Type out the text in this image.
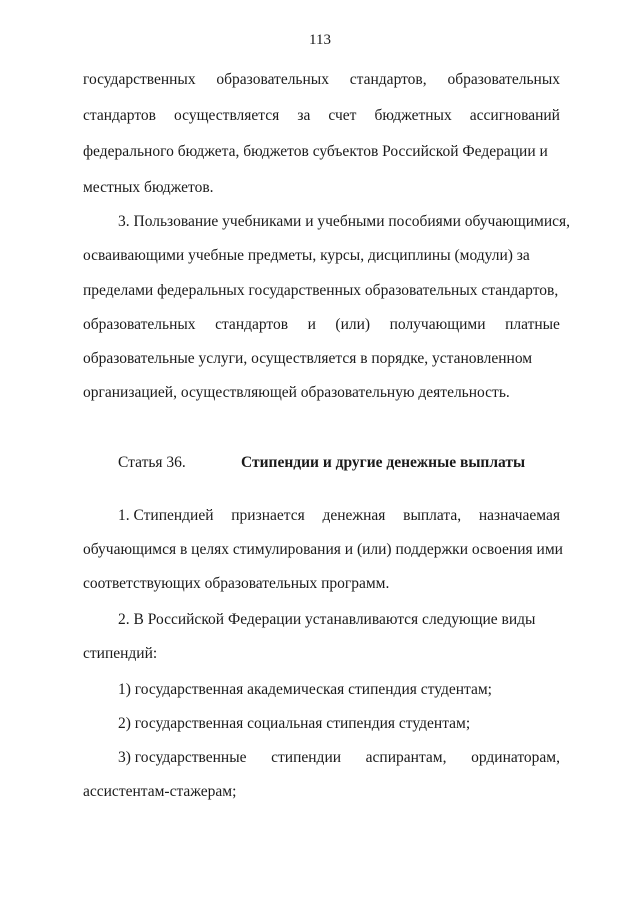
113
государственных образовательных стандартов, образовательных
стандартов осуществляется за счет бюджетных ассигнований
федерального бюджета, бюджетов субъектов Российской Федерации и
местных бюджетов.
3. Пользование учебниками и учебными пособиями обучающимися,
осваивающими учебные предметы, курсы, дисциплины (модули) за
пределами федеральных государственных образовательных стандартов,
образовательных стандартов и (или) получающими платные
образовательные услуги, осуществляется в порядке, установленном
организацией, осуществляющей образовательную деятельность.
Статья 36.	Стипендии и другие денежные выплаты
1. Стипендией признается денежная выплата, назначаемая
обучающимся в целях стимулирования и (или) поддержки освоения ими
соответствующих образовательных программ.
2. В Российской Федерации устанавливаются следующие виды
стипендий:
1) государственная академическая стипендия студентам;
2) государственная социальная стипендия студентам;
3) государственные стипендии аспирантам, ординаторам,
ассистентам-стажерам;
